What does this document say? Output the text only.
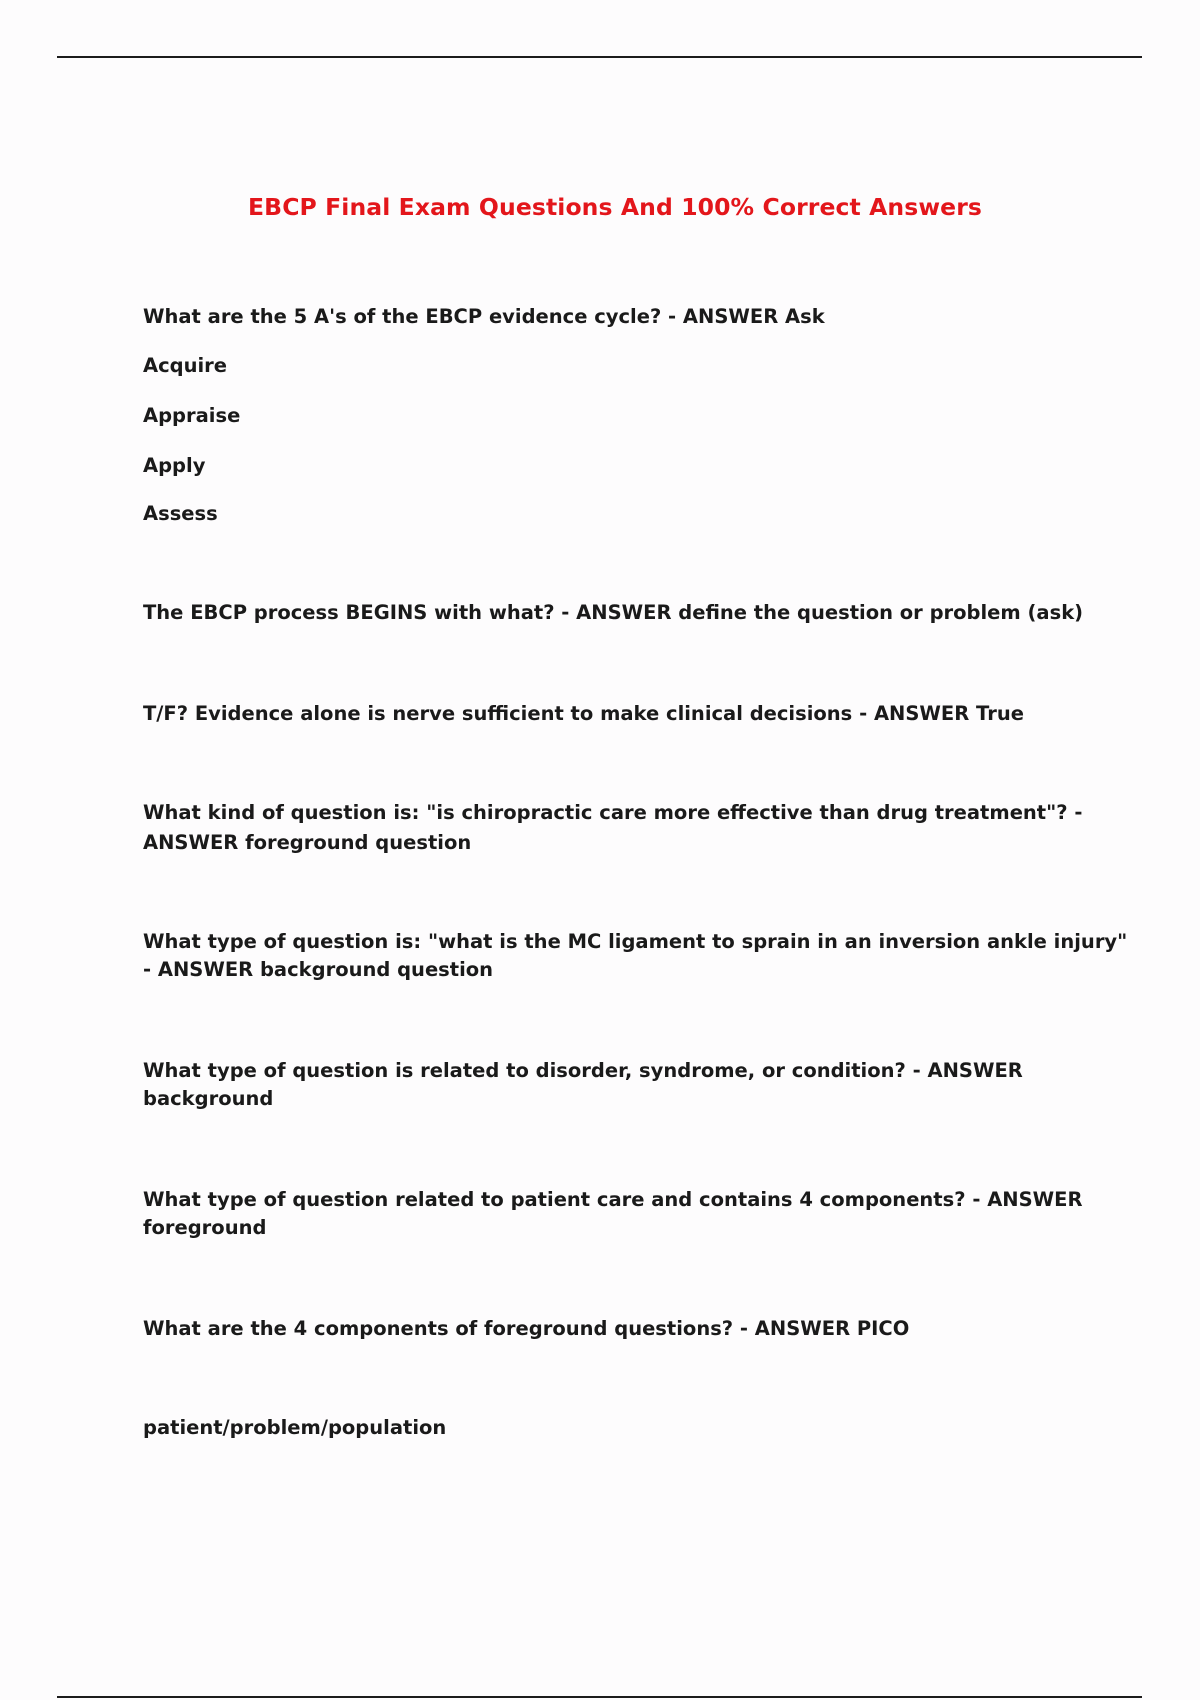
EBCP Final Exam Questions And 100% Correct Answers
What are the 5 A's of the EBCP evidence cycle? - ANSWER Ask
Acquire
Appraise
Apply
Assess
The EBCP process BEGINS with what? - ANSWER define the question or problem (ask)
T/F? Evidence alone is nerve sufficient to make clinical decisions - ANSWER True
What kind of question is: "is chiropractic care more effective than drug treatment"? -
ANSWER foreground question
What type of question is: "what is the MC ligament to sprain in an inversion ankle injury"
- ANSWER background question
What type of question is related to disorder, syndrome, or condition? - ANSWER
background
What type of question related to patient care and contains 4 components? - ANSWER
foreground
What are the 4 components of foreground questions? - ANSWER PICO
patient/problem/population
